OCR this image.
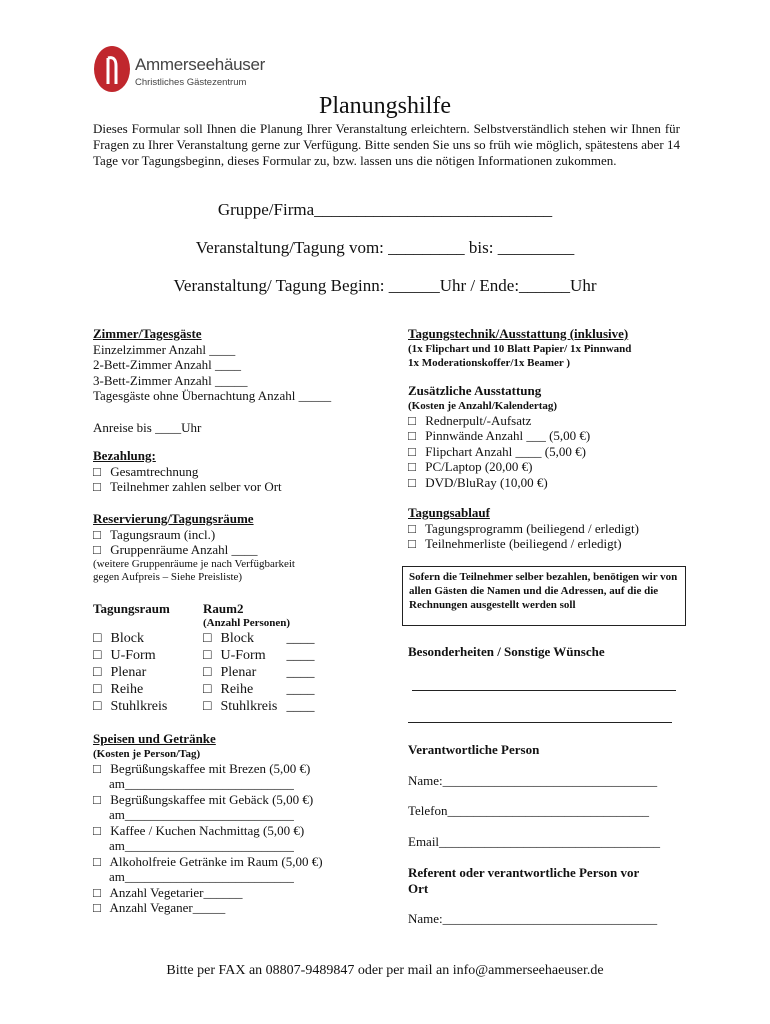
Ammerseehäuser
Christliches Gästezentrum
Planungshilfe
Dieses Formular soll Ihnen die Planung Ihrer Veranstaltung erleichtern. Selbstverständlich stehen wir Ihnen für Fragen zu Ihrer Veranstaltung gerne zur Verfügung. Bitte senden Sie uns so früh wie möglich, spätestens aber 14 Tage vor Tagungsbeginn, dieses Formular zu, bzw. lassen uns die nötigen Informationen zukommen.
Gruppe/Firma____________________________
Veranstaltung/Tagung vom: _________ bis: _________
Veranstaltung/ Tagung Beginn: ______Uhr / Ende:______Uhr
Zimmer/Tagesgäste
Einzelzimmer Anzahl ____
2-Bett-Zimmer Anzahl ____
3-Bett-Zimmer Anzahl _____
Tagesgäste ohne Übernachtung Anzahl _____
Anreise bis ____Uhr
Bezahlung:
□ Gesamtrechnung
□ Teilnehmer zahlen selber vor Ort
Reservierung/Tagungsräume
□ Tagungsraum (incl.)
□ Gruppenräume Anzahl ____
(weitere Gruppenräume je nach Verfügbarkeit
gegen Aufpreis – Siehe Preisliste)
Tagungsraum	Raum2
(Anzahl Personen)
□ Block
□ U-Form
□ Plenar
□ Reihe
□ Stuhlkreis
□ Block ____
□ U-Form ____
□ Plenar ____
□ Reihe ____
□ Stuhlkreis ____
Speisen und Getränke
(Kosten je Person/Tag)
□ Begrüßungskaffee mit Brezen (5,00 €)
am__________________________
□ Begrüßungskaffee mit Gebäck (5,00 €)
am__________________________
□ Kaffee / Kuchen Nachmittag (5,00 €)
am__________________________
□ Alkoholfreie Getränke im Raum (5,00 €)
am__________________________
□ Anzahl Vegetarier______
□ Anzahl Veganer_____
Tagungstechnik/Ausstattung (inklusive)
(1x Flipchart und 10 Blatt Papier/ 1x Pinnwand
1x Moderationskoffer/1x Beamer )
Zusätzliche Ausstattung
(Kosten je Anzahl/Kalendertag)
□ Rednerpult/-Aufsatz
□ Pinnwände Anzahl ___ (5,00 €)
□ Flipchart Anzahl ____ (5,00 €)
□ PC/Laptop (20,00 €)
□ DVD/BluRay (10,00 €)
Tagungsablauf
□ Tagungsprogramm (beiliegend / erledigt)
□ Teilnehmerliste (beiliegend / erledigt)
Sofern die Teilnehmer selber bezahlen, benötigen wir von allen Gästen die Namen und die Adressen, auf die die Rechnungen ausgestellt werden soll
Besonderheiten / Sonstige Wünsche
Verantwortliche Person
Name:_________________________________
Telefon_______________________________
Email__________________________________
Referent oder verantwortliche Person vor
Ort
Name:_________________________________
Bitte per FAX an 08807-9489847 oder per mail an info@ammerseehaeuser.de
